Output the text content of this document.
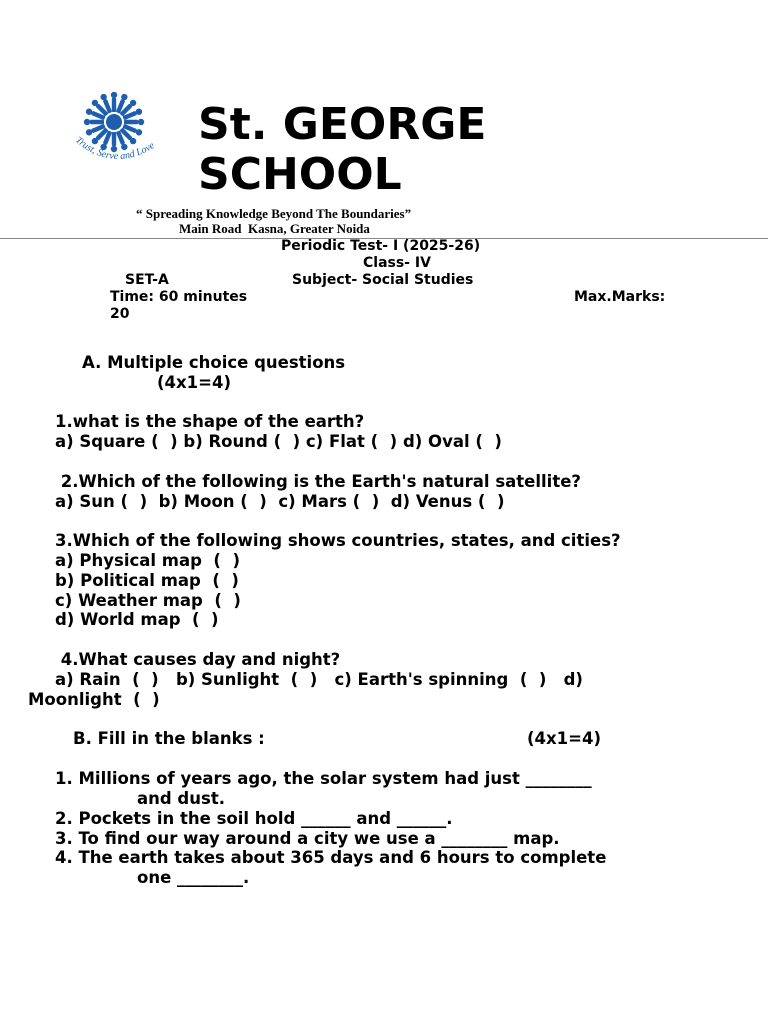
Trust, Serve and Love St. GEORGE
SCHOOL
“ Spreading Knowledge Beyond The Boundaries”
Main Road  Kasna, Greater Noida
Periodic Test- I (2025-26)
Class- IV
SET-A	Subject- Social Studies
Time: 60 minutes	Max.Marks:
20
A. Multiple choice questions
(4x1=4)
1.what is the shape of the earth?
a) Square (  ) b) Round (  ) c) Flat (  ) d) Oval (  )
2.Which of the following is the Earth's natural satellite?
a) Sun (  )  b) Moon (  )  c) Mars (  )  d) Venus (  )
3.Which of the following shows countries, states, and cities?
a) Physical map  (  )
b) Political map  (  )
c) Weather map  (  )
d) World map  (  )
4.What causes day and night?
a) Rain  (  )   b) Sunlight  (  )   c) Earth's spinning  (  )   d)
Moonlight  (  )
B. Fill in the blanks :	(4x1=4)
1. Millions of years ago, the solar system had just ________
and dust.
2. Pockets in the soil hold ______ and ______.
3. To find our way around a city we use a ________ map.
4. The earth takes about 365 days and 6 hours to complete
one ________.
